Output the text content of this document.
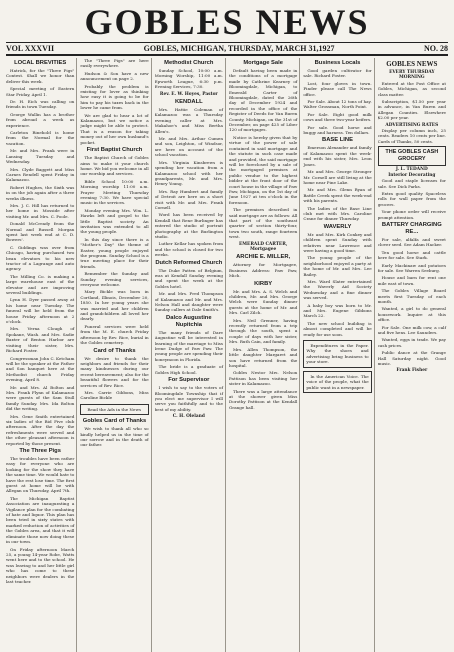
GOBLES NEWS
VOL XXXVII	GOBLES, MICHIGAN, THURSDAY, MARCH 31,1927	NO. 28
LOCAL BREVITIES

Hatrick, for the "Three Pigs" Contest. Shall we honor than deliver this week.

Special meeting of Eastern Star Friday, April 1.

Dr. H. Eich was calling on friends in town Tuesday.

George Wallin has a brother from abroad a week as experience.

Carleton Rinehold is home from the Normal for the vacation.

Mr. and Mrs. Frank were in Lansing Tuesday and Wednesday.

Mrs. Clyde Baggett and Miss Carnes Rendell spent Friday in Kalamazoo.

Robert Hughes, the Sixth was in on the job again after a three weeks illness.

Mrs. J. C. Hill has returned to her home in Mosside after visiting Mr. and Mrs. C. Poole.

Donald McCready from the Normal and Russell Morgan spent last week end at C. D. Bowers'.

C. Giddings was over from Chicago, having purchased two bean elevators to his new tractor of a Lagrange and auto agency.

The Milling Co. is making a large warehouse east of the elevator and are improving several buildings.

Lynn H. Dyer passed away at his home near Tuesday. The funeral will be held from the house Friday afternoon at 2 o'clock.

Mrs. Verna Clough of Spokane, Wash. and Mrs. Sadie Baxter of Benton Harbor are visiting their sister, Mrs. Richard Foster.

Congressman John C. Ketcham will be the speaker at the Father and Son banquet here at the Methodist church Friday evening, April 8.

Mr. and Mrs. Al Bolton and Mrs. Frank Flynn of Kalamazoo were guests of the Sam Stull family Sunday. Mrs. Ida Bolton did the writing.

Mrs. Gene Smith entertained six ladies of the Bid Five club afternoon. After the day the refreshments were served and the other pleasant afternoon is reported by those present.

The Three Pigs

The troubles have been rather easy for everyone who are looking for the show they have the same time. We would hate to have the rest lose time. The first guest at home will be with Allegan on Thursday, April 7th.

The Michigan Baptist Association are inaugurating a Vigilance plan for the combating of hate and liquor. This plan has been tried in sixty states with marked reduction of activities of the Gobles area, and that it will eliminate those now doing these in our town.

On Friday afternoon March 25, a young 14-year Robe, Watts went here and to the school. He was leaving to and her little girl who has come to these neighbors were dealers in the last teacher.

The "Three Pigs" are here easily everywhere.

Hudson & Son have a new announcement on page 2.

Probably the problem is existing for lover as thinking how easy it is going to be for him to pay his taxes back in the lower he came from.

We are glad to hear a lot of Kalamazoo, but we notice a judge might be able to protect. That is a reason for taking money out of her own husband's pocket.

First Baptist Church

The Baptist Church of Gobles aims to make it your church home. We bid you welcome in all our worship and services.

Bible School 10:00 a.m. Morning worship 11:00 a.m. Prayer Meeting Thursday evening 7:30. We have special music in the services.

Monday evening Mrs. Wm. L. Hawks left and gospel to the little Baptist society. An invitation was extended to all the young people.

In this day since there is a "Mother's Day" the theme of Easter, young people enjoyed the program. Sunday School is a true meeting place for their friends.

Remember the Sunday and Sunday evening services, everyone welcome.

Mary Bickle was born in Cortland, Illinois, December 20, 1850. In her young years she was married and her children and grandchildren all loved her dearly.

Funeral services were held from the M. E. church Friday afternoon by Rev. Rice, burial in the Gobles cemetery.

Card of Thanks

We desire to thank the neighbors and friends for their many kindnesses during our recent bereavement; also for the beautiful flowers and for the services of Rev. Rice.

Mrs. Carrie Gibbons, Miss Caroline Bickle

Read the Ads in the News

Gobles Card of Thanks

We wish to thank all who so kindly helped us in the time of our sorrow and in the death of our father.

Methodist Church

Sunday School, 10:00 a.m. Morning Worship, 11:00 a.m. Epworth League, 6:30 p.m. Evening Services, 7:30.

Rev. E. W. Hoyes, Pastor
KENDALL

Mrs. Hattie Coleman of Kalamazoo was a Thursday evening caller at Mrs. Makahoe's and Miss Bertha Allen's.

Mr. and Mrs. Arthur Cumen and son, Leighton, of Windsor, are here on account of the school vacation.

Mrs. Virginia Kinsbrews is spending her vacation from a Kalamazoo school with her grandparents, Mr. and Mrs. Henry Young.

Mrs. Ray Humbert and family of Detroit are here on a short visit with Mr. and Mrs. Frank Cornell.

Word has been received by Kendall that Rene Burlinger has entered the studio of portrait photography at the Burlington studio.

Luther Kellar has spoken from and the school is closed for two weeks.

Dutch Reformed Church

The Duke Patten of Belgium, was at Kendall Sunday evening and spent the week at the Gobles hotel.

Mr. and Mrs. Fred Thompson of Kalamazoo and Mr. and Mrs. Nelson Hall and daughter were Sunday callers at Dale Smith's.

Dalco Augustine Nupitchia

The many friends of Dare Augustine will be interested in learning of the marriage to Miss Irene Dudge of Paw Paw. The young people are spending their honeymoon in Florida.

The bride is a graduate of Gobles High School.

For Supervisor

I wish to say to the voters of Bloomingdale Township that if you elect me supervisor I will serve you faithfully and to the best of my ability.

C. H. Oleland
Mortgage Sale

Default having been made in the conditions of a mortgage made by Cathrine Kearney of Bloomingdale, Michigan, to Emerald Carter of Bloomingdale, dated the 26th day of December 1924 and recorded in the office of the Register of Deeds for Van Buren County, Michigan, on the 31st of December, on page 425 of Liber 120 of mortgages.

Notice is hereby given that by virtue of the power of sale contained in said mortgage and the statute in such case made and provided, the said mortgage will be foreclosed by a sale of the mortgaged premises at public vendue to the highest bidder at the front door of the court house in the village of Paw Paw, Michigan, on the 1st day of June 1927 at ten o'clock in the forenoon.

The premises described in said mortgage are as follows: All that part of the southeast quarter of section thirty-four, town two south, range fourteen west.

EMERALD CARTER, Mortgagee
ARCHIE E. MILLER,

Attorney for Mortgagee, Business Address: Paw Paw, Mich.

KIRBY

Mr. and Mrs. A. S. Welch and children, Mr. and Mrs. George Welch were Sunday dinner guests at the home of Mr. and Mrs. Carl Zilch.

Mrs. Neil Grenner, having recently returned from a trip through the south, spent a couple of days with her sister, Mrs. Ruth Cain, and family.

Mrs. Allen Thompson, the little daughter Margaret and son have returned from the hospital.

Gobles Nestor Mrs. Nelson Pattison has been visiting her sister in Kalamazoo.

There was a large attendance at the shower given Miss Dorothy Pattison at the Kendall Grange hall.

Business Locals

Good garden cultivator for sale. Richard Foster.

Lost, four gloves in town. Finder please call The News office.

For Sale. About 12 tons of hay. Walter Grossman, North Point.

For Sale. Eight good milk cows and three two-year heifers.

For sale. Good horse and buggy and harness. Ten dollars.

BASE LINE

Emerson Alexander and family of Kalamazoo spent the week-end with his sister, Mrs. Leon Jones.

Mr. and Mrs. George Stronger Mr. Cornell are still living at the home near Pine Lake.

Mr. and Mrs. Glenn Ryan of Battle Creek spent the week-end with his parents.

The ladies of the Base Line club met with Mrs. Caroline Crane for dinner Thursday.

WAVERLY

Mr. and Mrs. Kirk Conkey and children spent Sunday with relatives near Lawrence and were having a good time.

The young people of the neighborhood enjoyed a party at the home of Mr. and Mrs. Lee Bailey.

Mrs. Ward Slater entertained the Waverly Aid Society Wednesday and a fine dinner was served.

A baby boy was born to Mr. and Mrs. Eugene Gibbons March 22.

The new school building is almost completed and will be ready for use soon.

Expenditures in the Paper. Why the shoes and advertising bring business to your store.

In the American Voice. The voice of the people, what the public want in a newspaper.

GOBLES NEWS
EVERY THURSDAY MORNING

Entered at the Post Office at Gobles, Michigan, as second class matter.

Subscription, $1.50 per year in advance, in Van Buren and Allegan Counties. Elsewhere $2.00 per year.

ADVERTISING RATES

Display per column inch, 25 cents. Readers 10 cents per line. Cards of Thanks, 50 cents.

THE GOBLES CASH GROCERY
J. L. TEDAND
Interior Decorating

Good and staple licenses for sale. See Dick Parks.

Extra good quality Spaceless rolls for wall paper from the grocers.

Your phone order will receive prompt attention.

BATTERY CHARGING RE...

For sale, alfalfa and sweet clover seed. See Adam Hacker.

Ten good horse and cattle here for sale. See Stark.

Early Mackinaw and potatoes for sale. See Warren Seeburg.

House and barn for rent one mile east of town.

The Gobles Village Board meets first Tuesday of each month.

Wanted, a girl to do general housework. Inquire at this office.

For Sale. One milk cow, a calf and five hens. Lee Saunders.

Wanted, eggs in trade. We pay cash prices.

Public dance at the Grange Hall Saturday night. Good music.

Frank Fisher
